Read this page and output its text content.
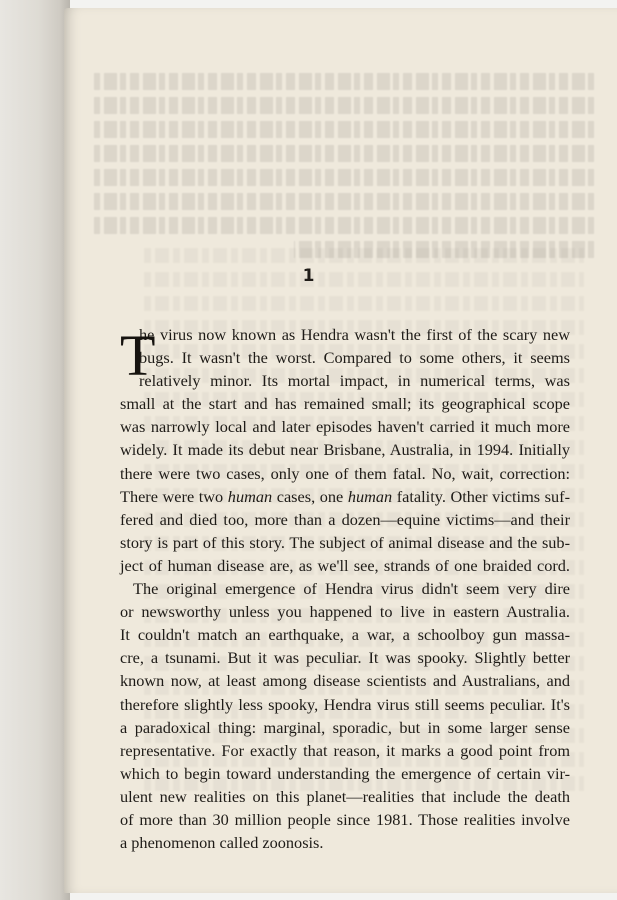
1
T
he virus now known as Hendra wasn't the first of the scary new
bugs. It wasn't the worst. Compared to some others, it seems
relatively minor. Its mortal impact, in numerical terms, was
small at the start and has remained small; its geographical scope
was narrowly local and later episodes haven't carried it much more
widely. It made its debut near Brisbane, Australia, in 1994. Initially
there were two cases, only one of them fatal. No, wait, correction:
There were two human cases, one human fatality. Other victims suf-
fered and died too, more than a dozen—equine victims—and their
story is part of this story. The subject of animal disease and the sub-
ject of human disease are, as we'll see, strands of one braided cord.
The original emergence of Hendra virus didn't seem very dire
or newsworthy unless you happened to live in eastern Australia.
It couldn't match an earthquake, a war, a schoolboy gun massa-
cre, a tsunami. But it was peculiar. It was spooky. Slightly better
known now, at least among disease scientists and Australians, and
therefore slightly less spooky, Hendra virus still seems peculiar. It's
a paradoxical thing: marginal, sporadic, but in some larger sense
representative. For exactly that reason, it marks a good point from
which to begin toward understanding the emergence of certain vir-
ulent new realities on this planet—realities that include the death
of more than 30 million people since 1981. Those realities involve
a phenomenon called zoonosis.
